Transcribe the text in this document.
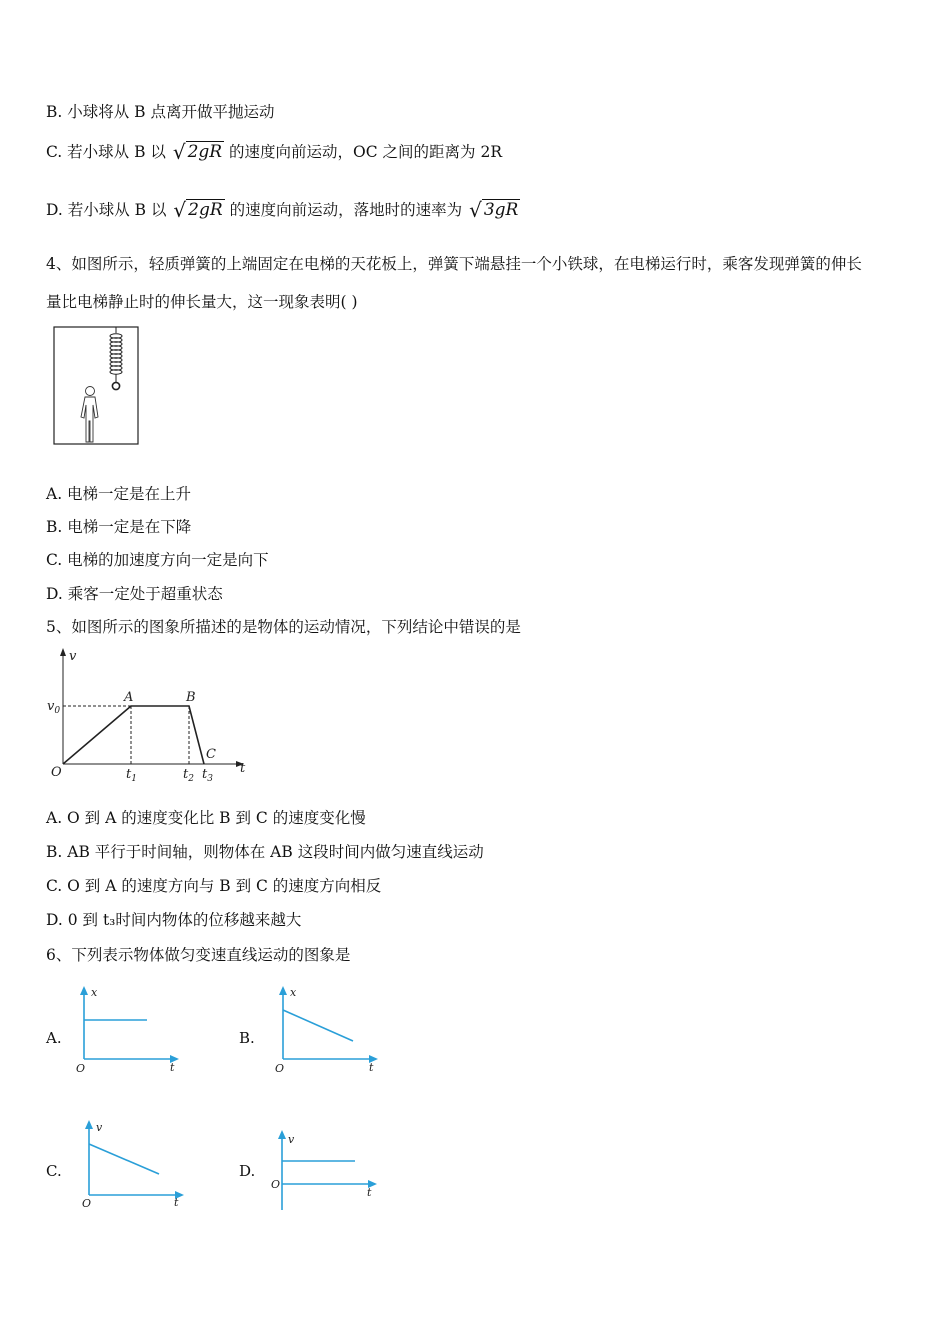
B. 小球将从 B 点离开做平抛运动
C. 若小球从 B 以 √ 2gR 的速度向前运动，OC 之间的距离为 2R
D. 若小球从 B 以 √ 2gR 的速度向前运动，落地时的速率为 √ 3gR
4、如图所示，轻质弹簧的上端固定在电梯的天花板上，弹簧下端悬挂一个小铁球，在电梯运行时，乘客发现弹簧的伸长
量比电梯静止时的伸长量大，这一现象表明( )
A. 电梯一定是在上升
B. 电梯一定是在下降
C. 电梯的加速度方向一定是向下
D. 乘客一定处于超重状态
5、如图所示的图象所描述的是物体的运动情况，下列结论中错误的是
v
t
O
$v_0$
A	B
C
$t_1$	$t_2$ $t_3$
A. O 到 A 的速度变化比 B 到 C 的速度变化慢
B. AB 平行于时间轴，则物体在 AB 这段时间内做匀速直线运动
C. O 到 A 的速度方向与 B 到 C 的速度方向相反
D. 0 到 t₃时间内物体的位移越来越大
6、下列表示物体做匀变速直线运动的图象是
A.
x
t
O
B.
x
t
O
C.
v
t
O
D.
v
t
O
